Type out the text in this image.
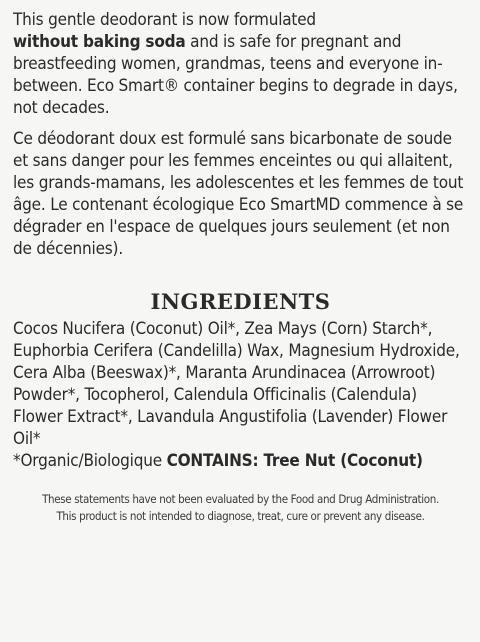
This gentle deodorant is now formulated
without baking soda and is safe for pregnant and breastfeeding women, grandmas, teens and everyone in-between. Eco Smart® container begins to degrade in days, not decades.

Ce déodorant doux est formulé sans bicarbonate de soude et sans danger pour les femmes enceintes ou qui allaitent, les grands-mamans, les adolescentes et les femmes de tout âge. Le contenant écologique Eco SmartMD commence à se dégrader en l'espace de quelques jours seulement (et non de décennies).

INGREDIENTS

Cocos Nucifera (Coconut) Oil*, Zea Mays (Corn) Starch*, Euphorbia Cerifera (Candelilla) Wax, Magnesium Hydroxide, Cera Alba (Beeswax)*, Maranta Arundinacea (Arrowroot) Powder*, Tocopherol, Calendula Officinalis (Calendula) Flower Extract*, Lavandula Angustifolia (Lavender) Flower Oil*
*Organic/Biologique CONTAINS: Tree Nut (Coconut)

These statements have not been evaluated by the Food and Drug Administration.
This product is not intended to diagnose, treat, cure or prevent any disease.
